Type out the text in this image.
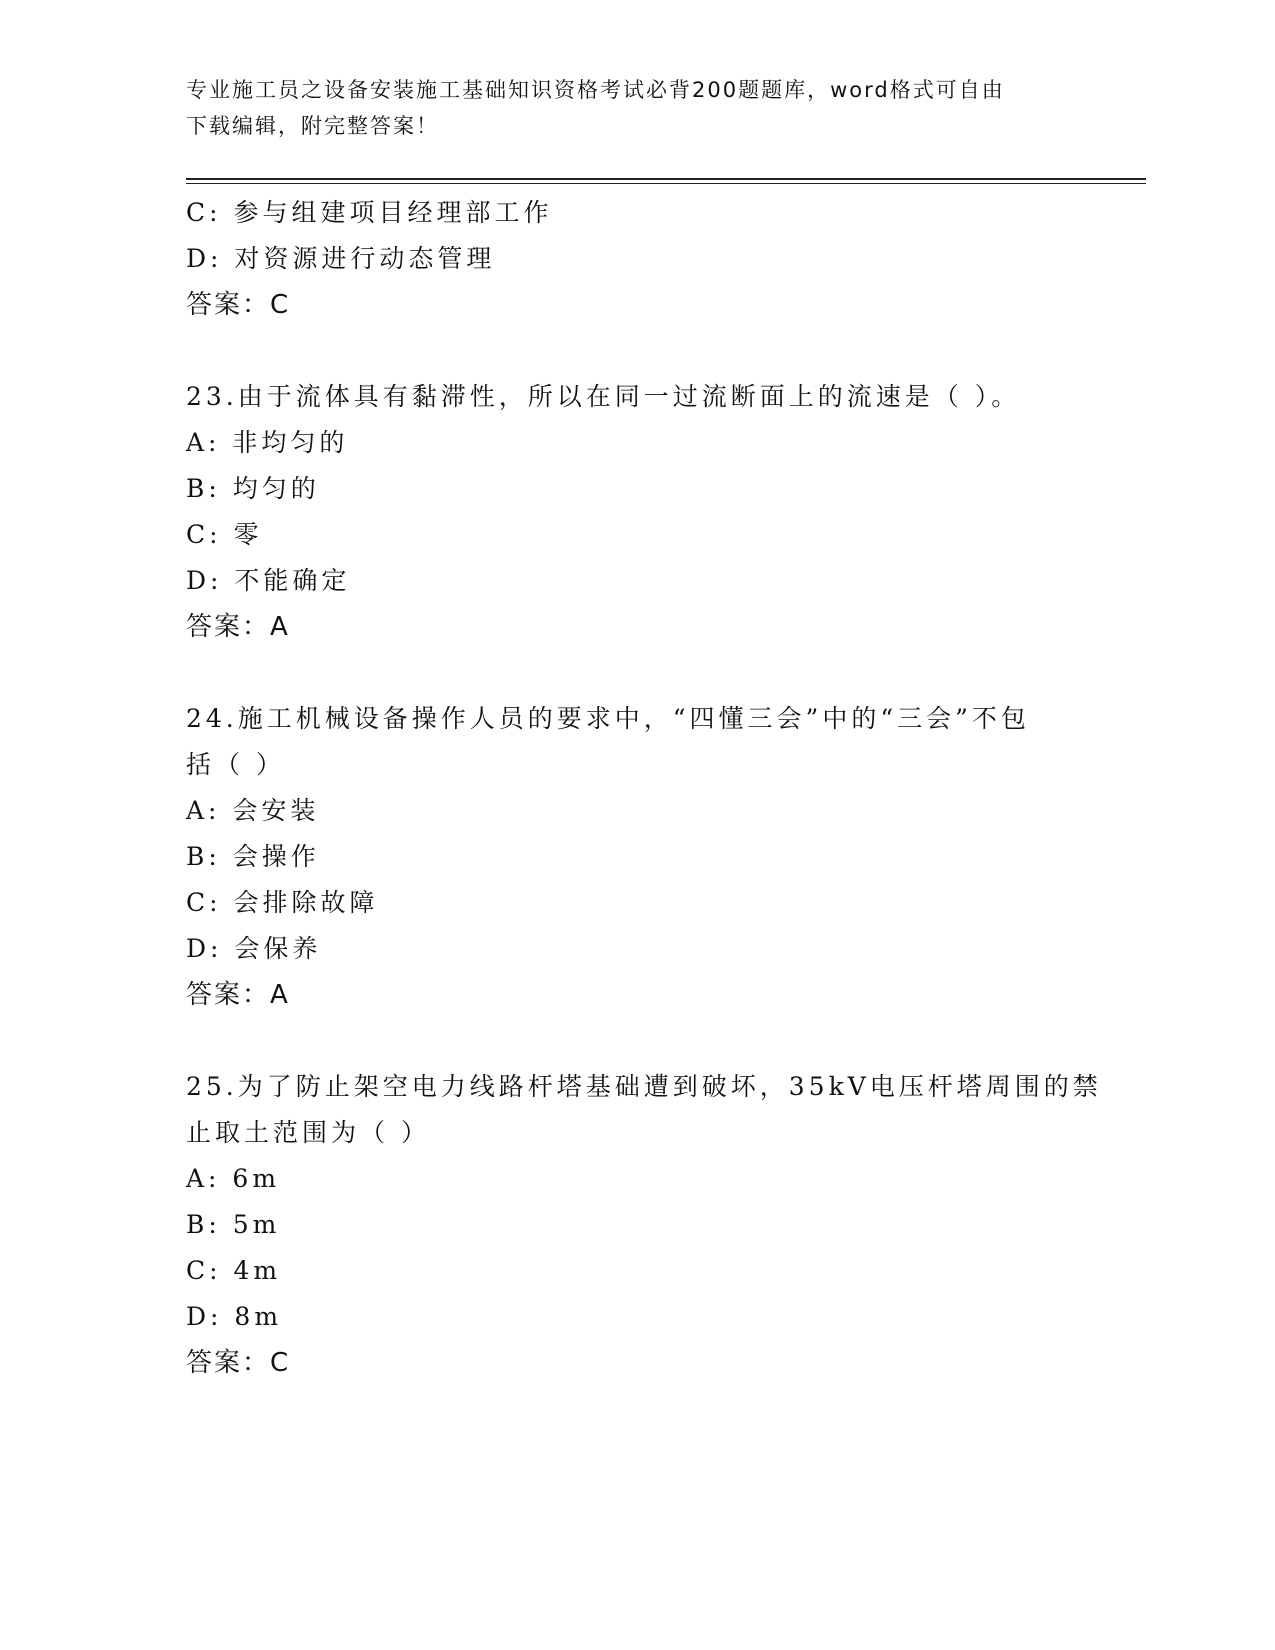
专业施工员之设备安装施工基础知识资格考试必背200题题库，word格式可自由
下载编辑，附完整答案！
C: 参与组建项目经理部工作
D: 对资源进行动态管理
答案：C
23.由于流体具有黏滞性，所以在同一过流断面上的流速是（ ）。
A: 非均匀的
B: 均匀的
C: 零
D: 不能确定
答案：A
24.施工机械设备操作人员的要求中，“四懂三会”中的“三会”不包
括（ ）
A: 会安装
B: 会操作
C: 会排除故障
D: 会保养
答案：A
25.为了防止架空电力线路杆塔基础遭到破坏，35kV电压杆塔周围的禁
止取土范围为（ ）
A: 6m
B: 5m
C: 4m
D: 8m
答案：C
